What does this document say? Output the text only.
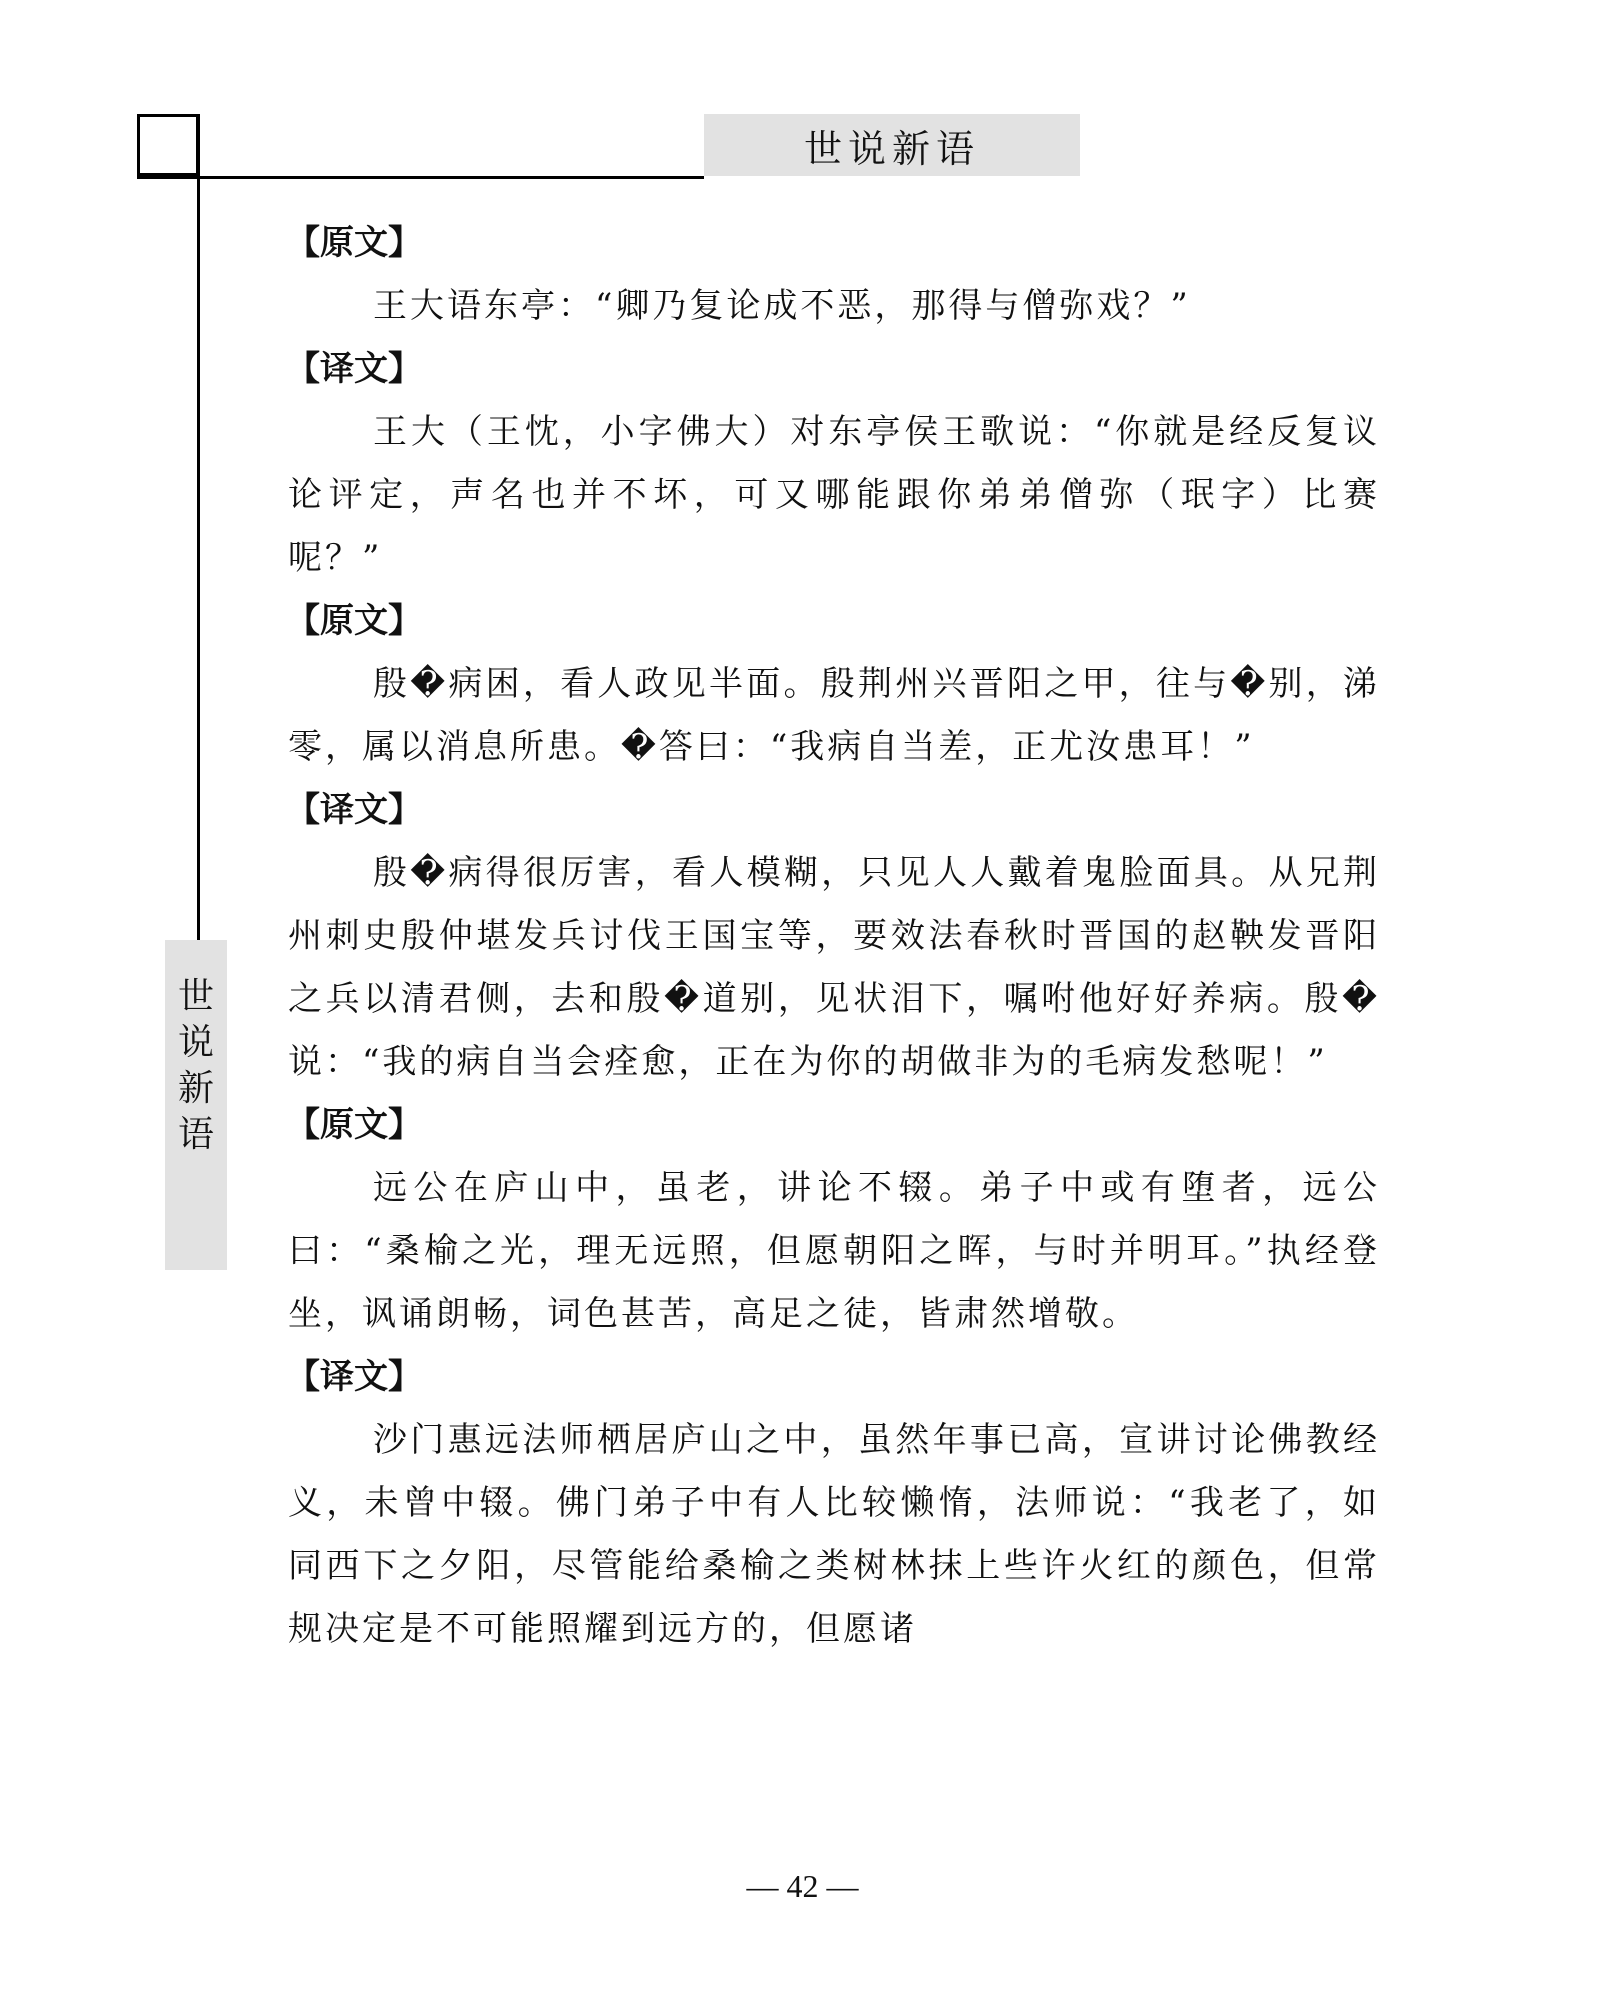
世说新语
世
说
新
语
【原文】
王大语东亭：“卿乃复论成不恶，那得与僧弥戏？”
【译文】
王大（王忱，小字佛大）对东亭侯王歌说：“你就是经反复议论评定，声名也并不坏，可又哪能跟你弟弟僧弥（珉字）比赛呢？”
【原文】
殷�病困，看人政见半面。殷荆州兴晋阳之甲，往与�别，涕零，属以消息所患。�答曰：“我病自当差，正尤汝患耳！”
【译文】
殷�病得很厉害，看人模糊，只见人人戴着鬼脸面具。从兄荆州刺史殷仲堪发兵讨伐王国宝等，要效法春秋时晋国的赵鞅发晋阳之兵以清君侧，去和殷�道别，见状泪下，嘱咐他好好养病。殷�说：“我的病自当会痊愈，正在为你的胡做非为的毛病发愁呢！”
【原文】
远公在庐山中，虽老，讲论不辍。弟子中或有堕者，远公曰：“桑榆之光，理无远照，但愿朝阳之晖，与时并明耳。”执经登坐，讽诵朗畅，词色甚苦，高足之徒，皆肃然增敬。
【译文】
沙门惠远法师栖居庐山之中，虽然年事已高，宣讲讨论佛教经义，未曾中辍。佛门弟子中有人比较懒惰，法师说：“我老了，如同西下之夕阳，尽管能给桑榆之类树林抹上些许火红的颜色，但常规决定是不可能照耀到远方的，但愿诸
— 42 —
